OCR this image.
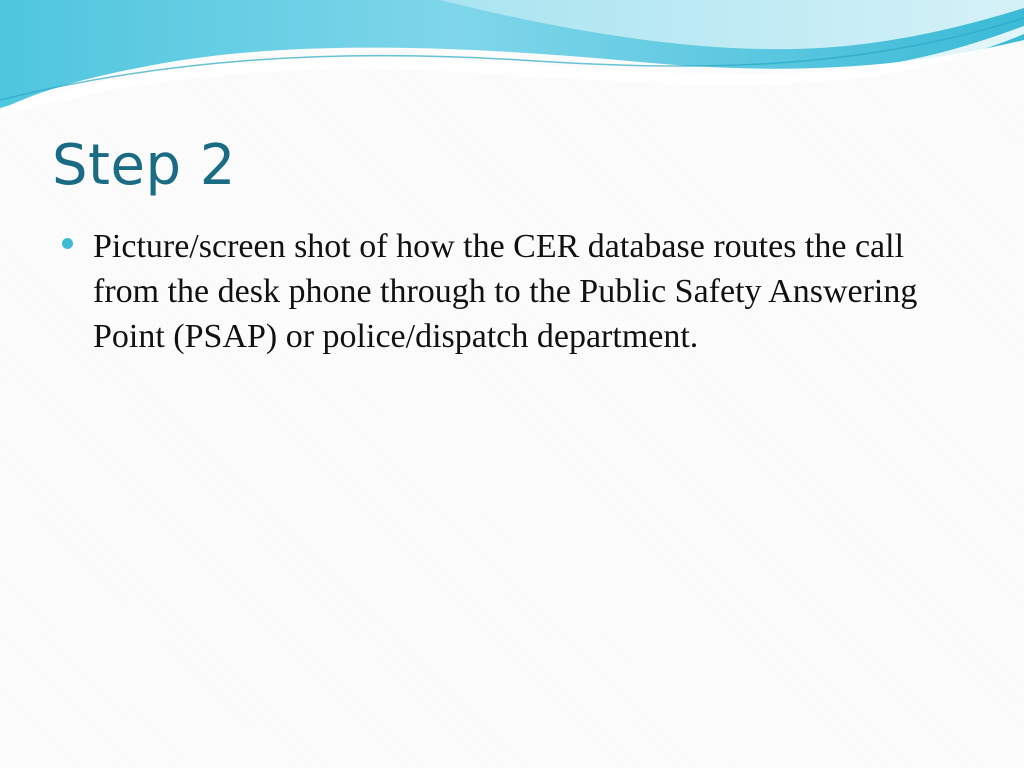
Step 2
Picture/screen shot of how the CER database routes the call from the desk phone through to the Public Safety Answering Point (PSAP) or police/dispatch department.
